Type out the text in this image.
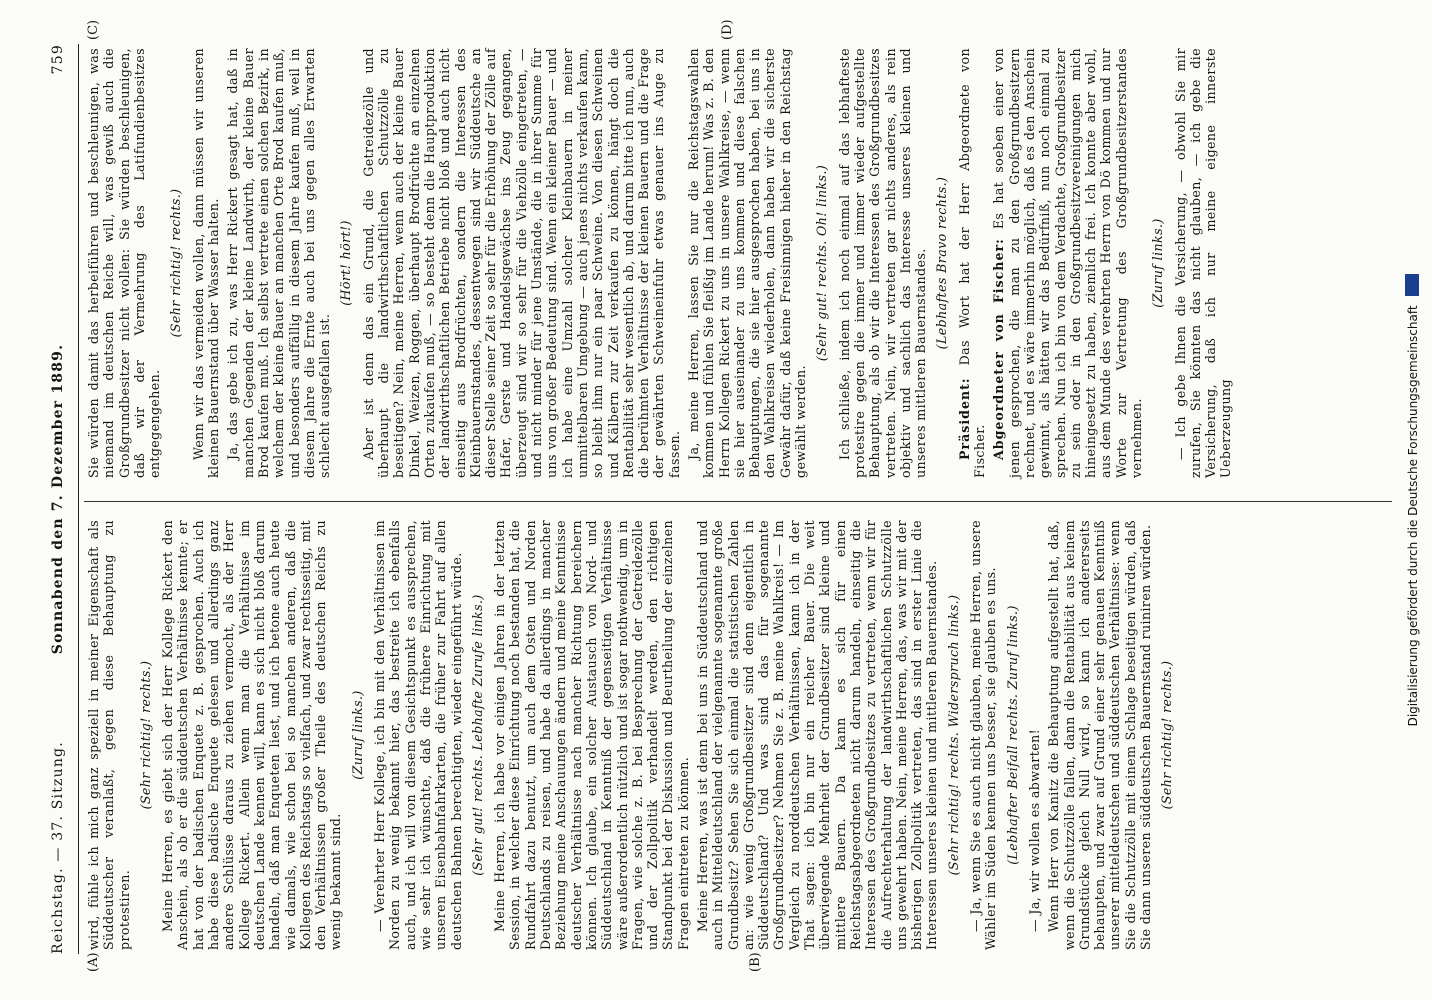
Reichstag. — 37. Sitzung.
Sonnabend den 7. Dezember 1889.
759
(A)	(B)
(C)	(D)

wird, fühle ich mich ganz speziell in meiner Eigenschaft als Süddeutscher veranlaßt, gegen diese Behauptung zu protestiren.

(Sehr richtig! rechts.) Meine Herren, es giebt sich der Herr Kollege Rickert den Anschein, als ob er die süddeutschen Verhältnisse kennte; er hat von der badischen Enquete z. B. gesprochen. Auch ich habe diese badische Enquete gelesen und allerdings ganz andere Schlüsse daraus zu ziehen vermocht, als der Herr Kollege Rickert. Allein wenn man die Verhältnisse im deutschen Lande kennen will, kann es sich nicht bloß darum handeln, daß man Enqueten liest, und ich betone auch heute wie damals, wie schon bei so manchen anderen, daß die Kollegen des Reichstags so vielfach, und zwar rechtsseitig, mit den Verhältnissen großer Theile des deutschen Reichs zu wenig bekannt sind.

(Zuruf links.) — Verehrter Herr Kollege, ich bin mit den Verhältnissen im Norden zu wenig bekannt hier, das bestreite ich ebenfalls auch, und ich will von diesem Gesichtspunkt es aussprechen, wie sehr ich wünschte, daß die frühere Einrichtung mit unseren Eisenbahnfahrkarten, die früher zur Fahrt auf allen deutschen Bahnen berechtigten, wieder eingeführt würde. (Sehr gut! rechts. Lebhafte Zurufe links.) Meine Herren, ich habe vor einigen Jahren in der letzten Session, in welcher diese Einrichtung noch bestanden hat, die Rundfahrt dazu benutzt, um auch dem Osten und Norden Deutschlands zu reisen, und habe da allerdings in mancher Beziehung meine Anschauungen ändern und meine Kenntnisse deutscher Verhältnisse nach mancher Richtung bereichern können. Ich glaube, ein solcher Austausch von Nord- und Süddeutschland in Kenntniß der gegenseitigen Verhältnisse wäre außerordentlich nützlich und ist sogar nothwendig, um in Fragen, wie solche z. B. bei Besprechung der Getreidezölle und der Zollpolitik verhandelt werden, den richtigen Standpunkt bei der Diskussion und Beurtheilung der einzelnen Fragen eintreten zu können. Meine Herren, was ist denn bei uns in Süddeutschland und auch in Mitteldeutschland der vielgenannte sogenannte große Grundbesitz? Sehen Sie sich einmal die statistischen Zahlen an: wie wenig Großgrundbesitzer sind denn eigentlich in Süddeutschland? Und was sind das für sogenannte Großgrundbesitzer? Nehmen Sie z. B. meine Wahlkreis! — Im Vergleich zu norddeutschen Verhältnissen, kann ich in der That sagen: ich bin nur ein reicher Bauer. Die weit überwiegende Mehrheit der Grundbesitzer sind kleine und mittlere Bauern. Da kann es sich für einen Reichstagsabgeordneten nicht darum handeln, einseitig die Interessen des Großgrundbesitzes zu vertreten, wenn wir für die Aufrechterhaltung der landwirthschaftlichen Schutzzölle uns gewehrt haben. Nein, meine Herren, das, was wir mit der bisherigen Zollpolitik vertreten, das sind in erster Linie die Interessen unseres kleinen und mittleren Bauernstandes. (Sehr richtig! rechts. Widerspruch links.) — Ja, wenn Sie es auch nicht glauben, meine Herren, unsere Wähler im Süden kennen uns besser, sie glauben es uns. (Lebhafter Beifall rechts. Zuruf links.) — Ja, wir wollen es abwarten! Wenn Herr von Kanitz die Behauptung aufgestellt hat, daß, wenn die Schutzzölle fallen, dann die Rentabilität aus keinem Grundstücke gleich Null wird, so kann ich andererseits behaupten, und zwar auf Grund einer sehr genauen Kenntniß unserer mitteldeutschen und süddeutschen Verhältnisse: wenn Sie die Schutzzölle mit einem Schlage beseitigen würden, daß Sie dann unseren süddeutschen Bauernstand ruiniren würden. (Sehr richtig! rechts.)

Sie würden damit das herbeiführen und beschleunigen, was niemand im deutschen Reiche will, was gewiß auch die Großgrundbesitzer nicht wollen: Sie würden beschleunigen, daß wir der Vermehrung des Latifundienbesitzes entgegengehen.

(Sehr richtig! rechts.) Wenn wir das vermeiden wollen, dann müssen wir unseren kleinen Bauernstand über Wasser halten. Ja, das gebe ich zu, was Herr Rickert gesagt hat, daß in manchen Gegenden der kleine Landwirth, der kleine Bauer Brod kaufen muß. Ich selbst vertrete einen solchen Bezirk, in welchem der kleine Bauer an manchen Orte Brod kaufen muß, und besonders auffällig in diesem Jahre kaufen muß, weil in diesem Jahre die Ernte auch bei uns gegen alles Erwarten schlecht ausgefallen ist.

(Hört! hört!) Aber ist denn das ein Grund, die Getreidezölle und überhaupt die landwirthschaftlichen Schutzzölle zu beseitigen? Nein, meine Herren, wenn auch der kleine Bauer Dinkel, Weizen, Roggen, überhaupt Brodfrüchte an einzelnen Orten zukaufen muß, — so besteht denn die Hauptproduktion der landwirthschaftlichen Betriebe nicht bloß und auch nicht einseitig aus Brodfrüchten, sondern die Interessen des Kleinbauernstandes, dessentwegen sind wir Süddeutsche an dieser Stelle seiner Zeit so sehr für die Erhöhung der Zölle auf Hafer, Gerste und Handelsgewächse ins Zeug gegangen, überzeugt sind wir so sehr für die Viehzölle eingetreten, — und nicht minder für jene Umstände, die in ihrer Summe für uns von großer Bedeutung sind. Wenn ein kleiner Bauer — und ich habe eine Umzahl solcher Kleinbauern in meiner unmittelbaren Umgebung — auch jenes nichts verkaufen kann, so bleibt ihm nur ein paar Schweine. Von diesen Schweinen und Kälbern zur Zeit verkaufen zu können, hängt doch die Rentabilität sehr wesentlich ab, und darum bitte ich nun, auch die berühmten Verhältnisse der kleinen Bauern und die Frage der gewährten Schweineinfuhr etwas genauer ins Auge zu fassen. Ja, meine Herren, lassen Sie nur die Reichstagswahlen kommen und fühlen Sie fleißig im Lande herum! Was z. B. den Herrn Kollegen Rickert zu uns in unsere Wahlkreise, — wenn sie hier auseinander zu uns kommen und diese falschen Behauptungen, die sie hier ausgesprochen haben, bei uns in den Wahlkreisen wiederholen, dann haben wir die sicherste Gewähr dafür, daß keine Freisinnigen hieher in den Reichstag gewählt werden.

(Sehr gut! rechts. Oh! links.) Ich schließe, indem ich noch einmal auf das lebhafteste protestire gegen die immer und immer wieder aufgestellte Behauptung, als ob wir die Interessen des Großgrundbesitzes vertreten. Nein, wir vertreten gar nichts anderes, als rein objektiv und sachlich das Interesse unseres kleinen und unseres mittleren Bauernstandes. (Lebhaftes Bravo rechts.)

Präsident: Das Wort hat der Herr Abgeordnete von Fischer. Abgeordneter von Fischer: Es hat soeben einer von jenen gesprochen, die man zu den Großgrundbesitzern rechnet, und es wäre immerhin möglich, daß es den Anschein gewinnt, als hätten wir das Bedürfniß, nun noch einmal zu sprechen. Nun ich bin von dem Verdachte, Großgrundbesitzer zu sein oder in den Großgrundbesitzvereinigungen mich hineingesetzt zu haben, ziemlich frei. Ich konnte aber wohl, aus dem Munde des verehrten Herrn von Dö kommen und nur Worte zur Vertretung des Großgrundbesitzerstandes vernehmen.

(Zuruf links.) — Ich gebe Ihnen die Versicherung, — obwohl Sie mir zurufen, Sie könnten das nicht glauben, — ich gebe die Versicherung, daß ich nur meine eigene innerste Ueberzeugung	Digitalisierung gefördert durch die Deutsche Forschungsgemeinschaft
